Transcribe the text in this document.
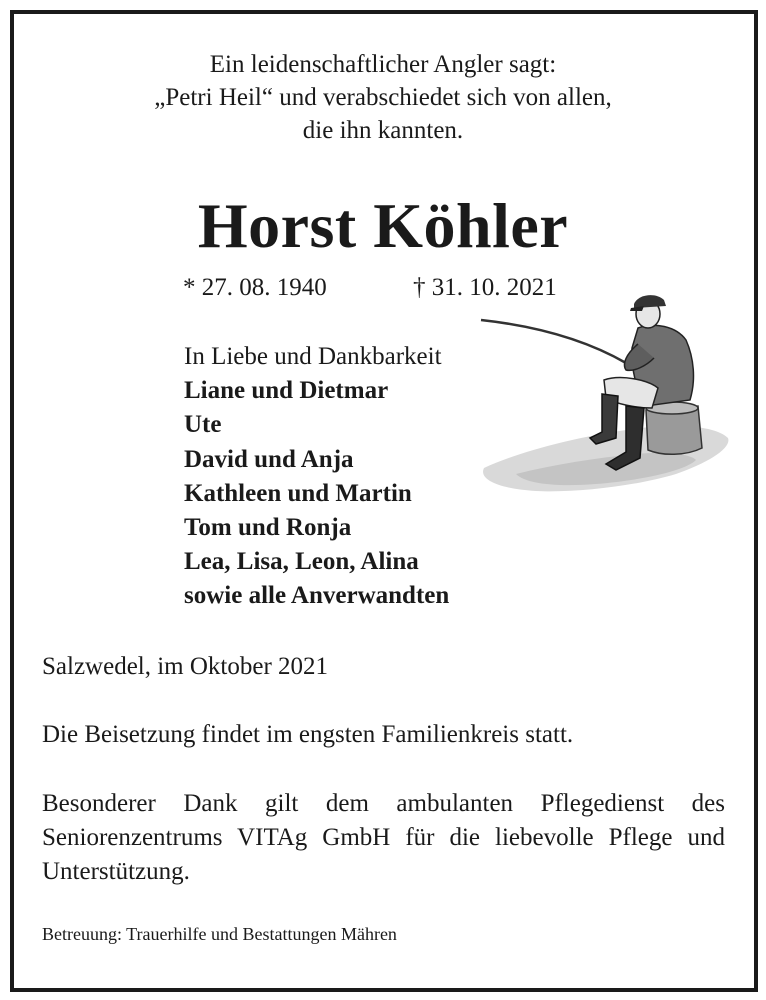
Ein leidenschaftlicher Angler sagt:
„Petri Heil“ und verabschiedet sich von allen,
die ihn kannten.
Horst Köhler
* 27. 08. 1940	† 31. 10. 2021
In Liebe und Dankbarkeit
Liane und Dietmar
Ute
David und Anja
Kathleen und Martin
Tom und Ronja
Lea, Lisa, Leon, Alina
sowie alle Anverwandten
Salzwedel, im Oktober 2021
Die Beisetzung findet im engsten Familienkreis statt.
Besonderer Dank gilt dem ambulanten Pflegedienst des Seniorenzentrums VITAg GmbH für die liebevolle Pflege und Unterstützung.
Betreuung: Trauerhilfe und Bestattungen Mähren
